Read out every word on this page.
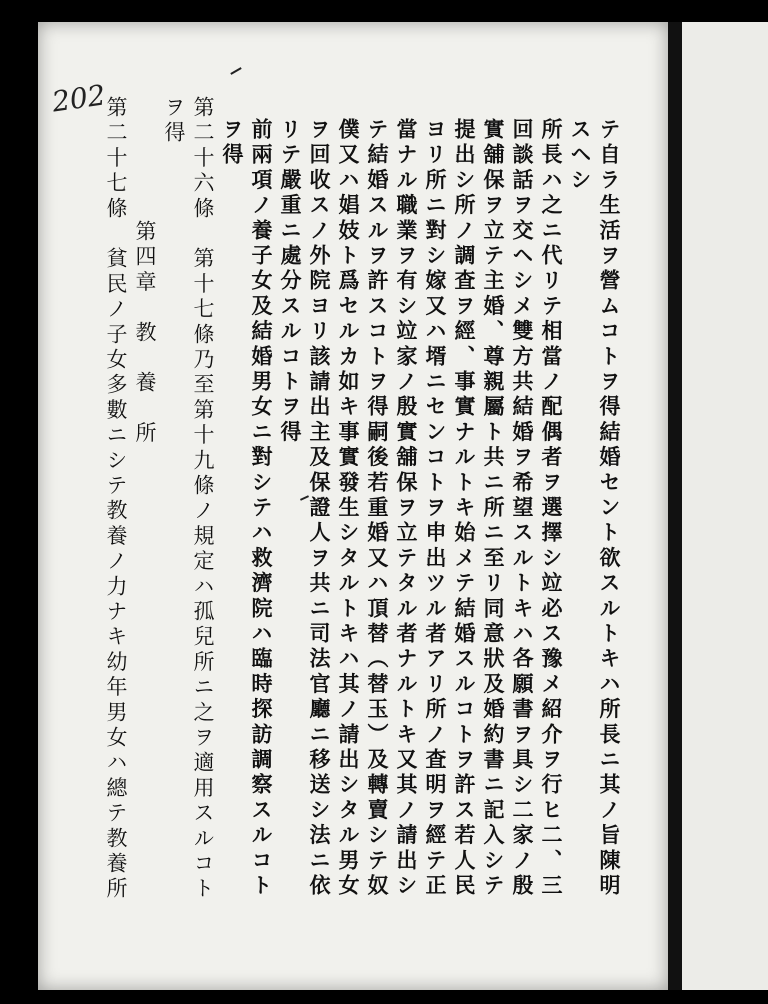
202
テ自ラ生活ヲ營ムコトヲ得結婚セント欲スルトキハ所長ニ其ノ旨陳明
スヘシ
所長ハ之ニ代リテ相當ノ配偶者ヲ選擇シ竝必ス豫メ紹介ヲ行ヒ二、三
回談話ヲ交ヘシメ雙方共結婚ヲ希望スルトキハ各願書ヲ具シ二家ノ殷
實舖保ヲ立テ主婚、尊親屬ト共ニ所ニ至リ同意狀及婚約書ニ記入シテ
提出シ所ノ調査ヲ經、事實ナルトキ始メテ結婚スルコトヲ許ス若人民
ヨリ所ニ對シ嫁又ハ壻ニセンコトヲ申出ツル者アリ所ノ査明ヲ經テ正
當ナル職業ヲ有シ竝家ノ殷實舖保ヲ立テタル者ナルトキ又其ノ請出シ
テ結婚スルヲ許スコトヲ得嗣後若重婚又ハ頂替（替玉）及轉賣シテ奴
僕又ハ娼妓ト爲セルカ如キ事實發生シタルトキハ其ノ請出シタル男女
ヲ回收スノ外院ヨリ該請出主及保證人ヲ共ニ司法官廳ニ移送シ法ニ依
リテ嚴重ニ處分スルコトヲ得
前兩項ノ養子女及結婚男女ニ對シテハ救濟院ハ臨時探訪調察スルコト
ヲ得
第二十六條　第十七條乃至第十九條ノ規定ハ孤兒所ニ之ヲ適用スルコト
ヲ得
第四章　教　養　所
第二十七條　貧民ノ子女多數ニシテ教養ノ力ナキ幼年男女ハ總テ教養所
